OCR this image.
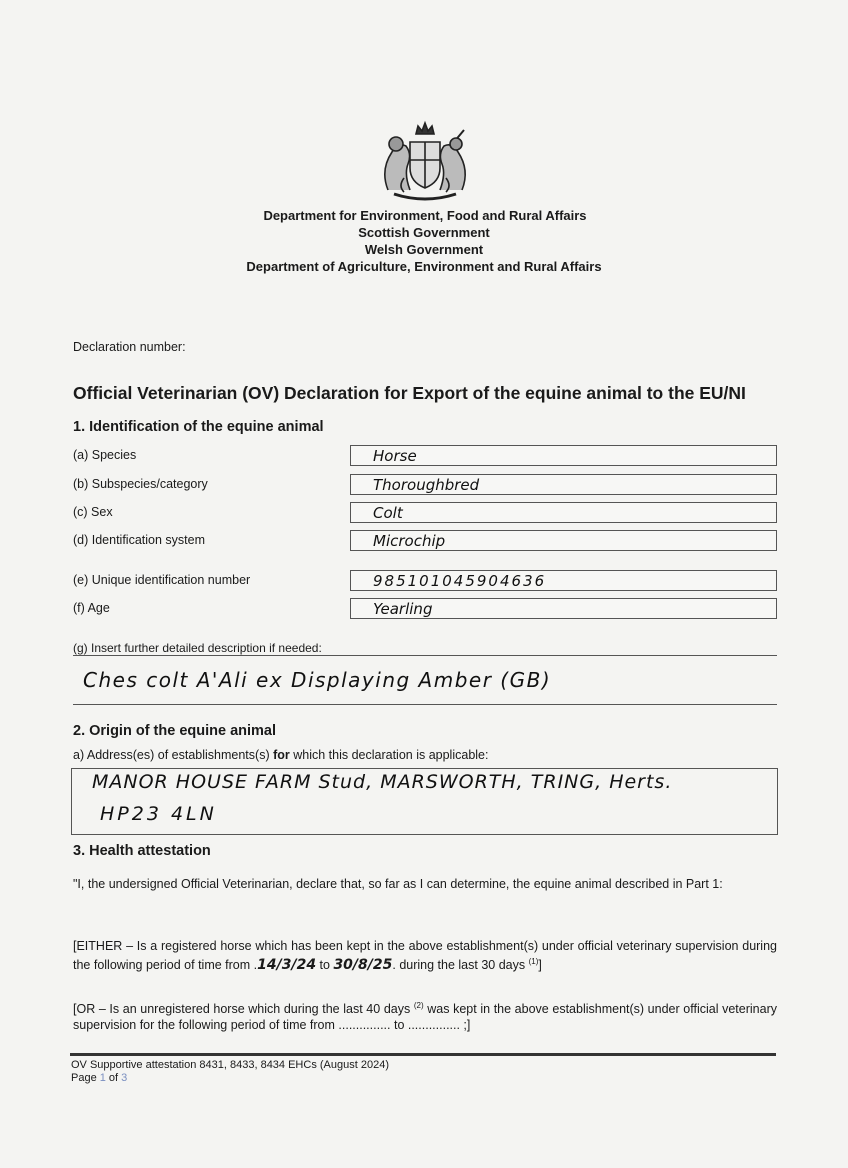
Department for Environment, Food and Rural Affairs
Scottish Government
Welsh Government
Department of Agriculture, Environment and Rural Affairs
Declaration number:
Official Veterinarian (OV) Declaration for Export of the equine animal to the EU/NI
1. Identification of the equine animal
(a) Species	Horse
(b) Subspecies/category	Thoroughbred
(c) Sex	Colt
(d) Identification system	Microchip
(e) Unique identification number	985101045904636
(f) Age	Yearling
(g) Insert further detailed description if needed:
Ches colt A'Ali ex Displaying Amber (GB)
2. Origin of the equine animal
a) Address(es) of establishments(s) for which this declaration is applicable:
MANOR HOUSE FARM Stud, MARSWORTH, TRING, Herts.
HP23 4LN
3. Health attestation
"I, the undersigned Official Veterinarian, declare that, so far as I can determine, the equine animal described in Part 1:
[EITHER – Is a registered horse which has been kept in the above establishment(s) under official veterinary supervision during the following period of time from .14/3/24 to 30/8/25. during the last 30 days $^{(1)}$]
[OR – Is an unregistered horse which during the last 40 days $^{(2)}$ was kept in the above establishment(s) under official veterinary supervision for the following period of time from ............... to ............... ;]
OV Supportive attestation 8431, 8433, 8434 EHCs (August 2024)
Page 1 of 3
